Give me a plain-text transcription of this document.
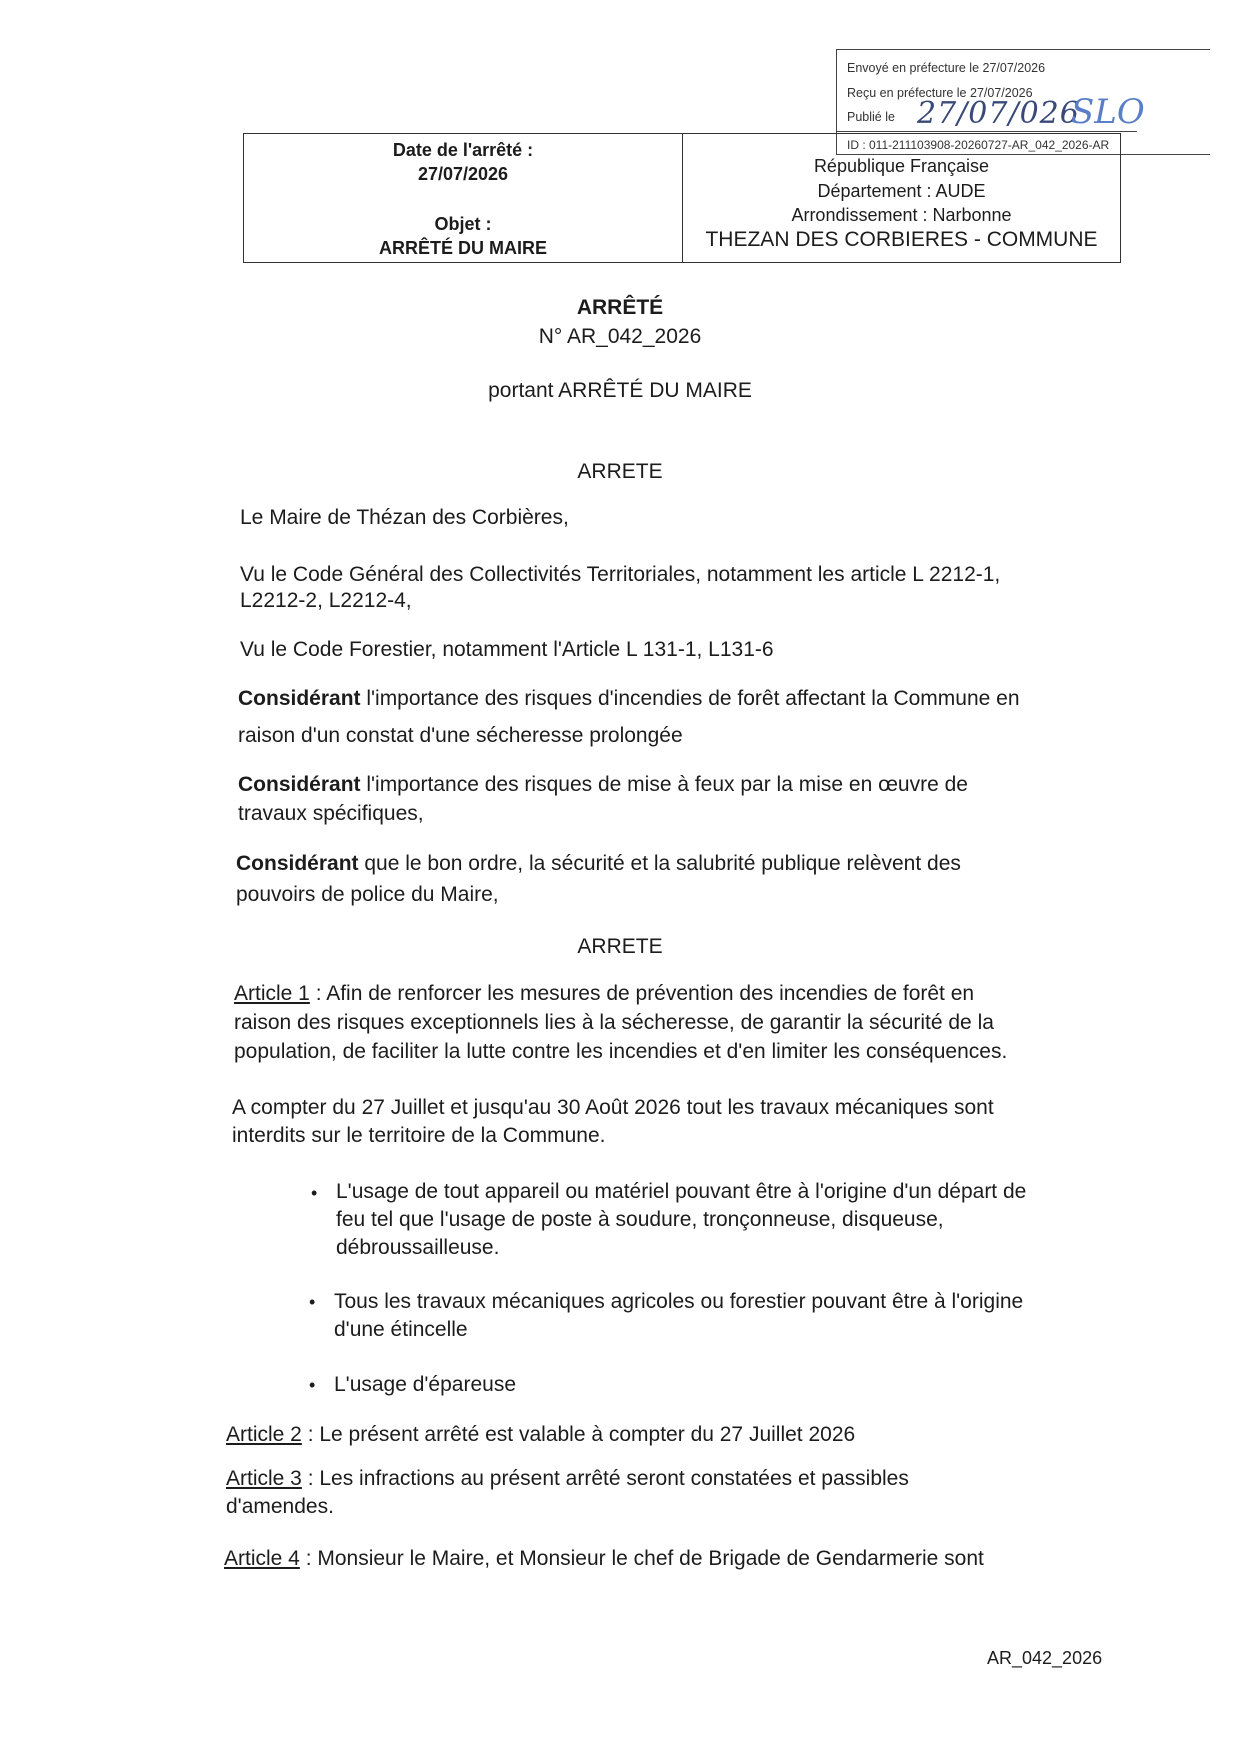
Envoyé en préfecture le 27/07/2026
Reçu en préfecture le 27/07/2026
Publié le 27/07/026
SLO
ID : 011-211103908-20260727-AR_042_2026-AR
Date de l'arrêté :
27/07/2026
Objet :
ARRÊTÉ DU MAIRE
République Française
Département : AUDE
Arrondissement : Narbonne
THEZAN DES CORBIERES - COMMUNE
ARRÊTÉ
N° AR_042_2026
portant ARRÊTÉ DU MAIRE
ARRETE
Le Maire de Thézan des Corbières,
Vu le Code Général des Collectivités Territoriales, notamment les article L 2212-1,
L2212-2, L2212-4,
Vu le Code Forestier, notamment l'Article L 131-1, L131-6
Considérant l'importance des risques d'incendies de forêt affectant la Commune en
raison d'un constat d'une sécheresse prolongée
Considérant l'importance des risques de mise à feux par la mise en œuvre de
travaux spécifiques,
Considérant que le bon ordre, la sécurité et la salubrité publique relèvent des
pouvoirs de police du Maire,
ARRETE
Article 1 : Afin de renforcer les mesures de prévention des incendies de forêt en
raison des risques exceptionnels lies à la sécheresse, de garantir la sécurité de la
population, de faciliter la lutte contre les incendies et d'en limiter les conséquences.
A compter du 27 Juillet et jusqu'au 30 Août 2026 tout les travaux mécaniques sont
interdits sur le territoire de la Commune.
• L'usage de tout appareil ou matériel pouvant être à l'origine d'un départ de
feu tel que l'usage de poste à soudure, tronçonneuse, disqueuse,
débroussailleuse.
• Tous les travaux mécaniques agricoles ou forestier pouvant être à l'origine
d'une étincelle
• L'usage d'épareuse
Article 2 : Le présent arrêté est valable à compter du 27 Juillet 2026
Article 3 : Les infractions au présent arrêté seront constatées et passibles
d'amendes.
Article 4 : Monsieur le Maire, et Monsieur le chef de Brigade de Gendarmerie sont
AR_042_2026
